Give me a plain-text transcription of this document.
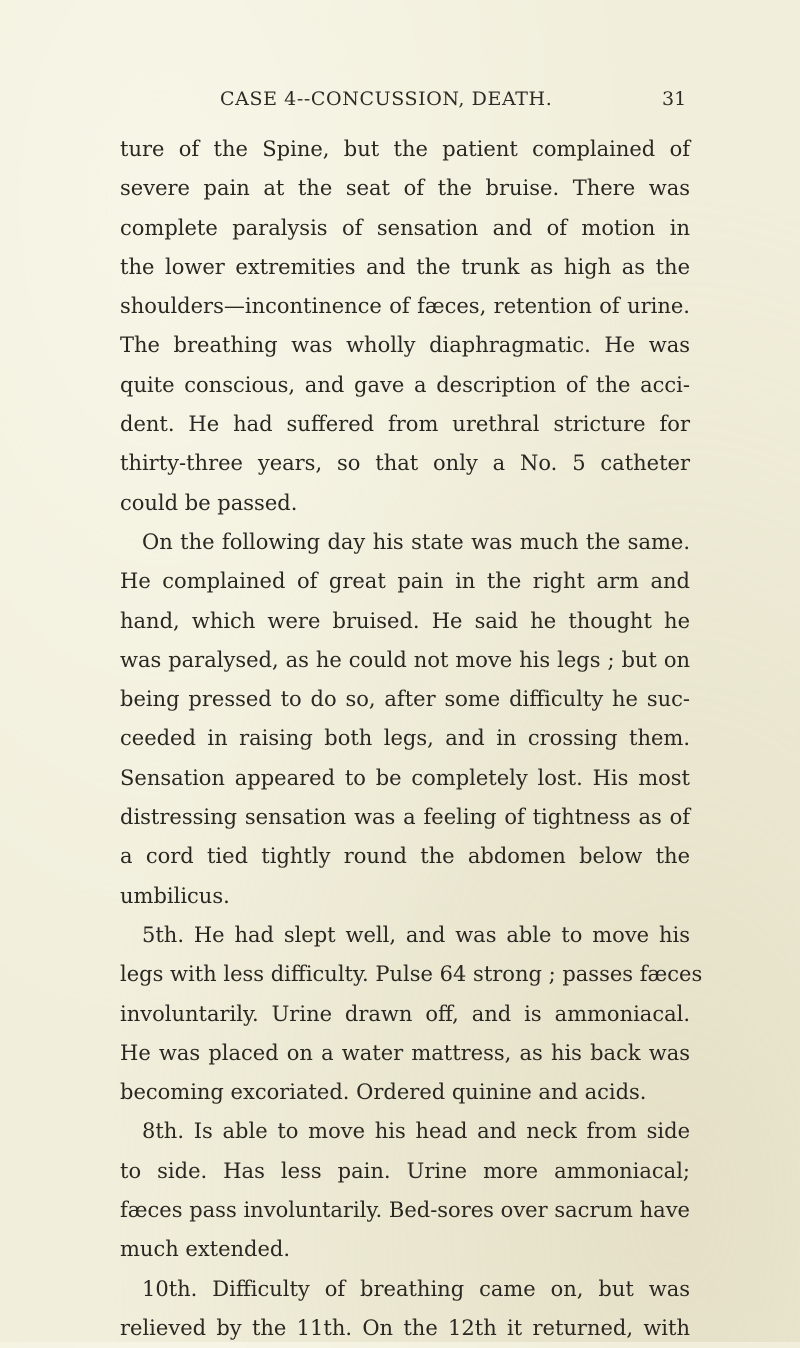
CASE 4--CONCUSSION, DEATH.	31
ture of the Spine, but the patient complained of
severe pain at the seat of the bruise. There was
complete paralysis of sensation and of motion in
the lower extremities and the trunk as high as the
shoulders—incontinence of fæces, retention of urine.
The breathing was wholly diaphragmatic. He was
quite conscious, and gave a description of the acci-
dent. He had suffered from urethral stricture for
thirty-three years, so that only a No. 5 catheter
could be passed.
On the following day his state was much the same.
He complained of great pain in the right arm and
hand, which were bruised. He said he thought he
was paralysed, as he could not move his legs ; but on
being pressed to do so, after some difficulty he suc-
ceeded in raising both legs, and in crossing them.
Sensation appeared to be completely lost. His most
distressing sensation was a feeling of tightness as of
a cord tied tightly round the abdomen below the
umbilicus.
5th. He had slept well, and was able to move his
legs with less difficulty. Pulse 64 strong ; passes fæces
involuntarily. Urine drawn off, and is ammoniacal.
He was placed on a water mattress, as his back was
becoming excoriated. Ordered quinine and acids.
8th. Is able to move his head and neck from side
to side. Has less pain. Urine more ammoniacal;
fæces pass involuntarily. Bed-sores over sacrum have
much extended.
10th. Difficulty of breathing came on, but was
relieved by the 11th. On the 12th it returned, with
